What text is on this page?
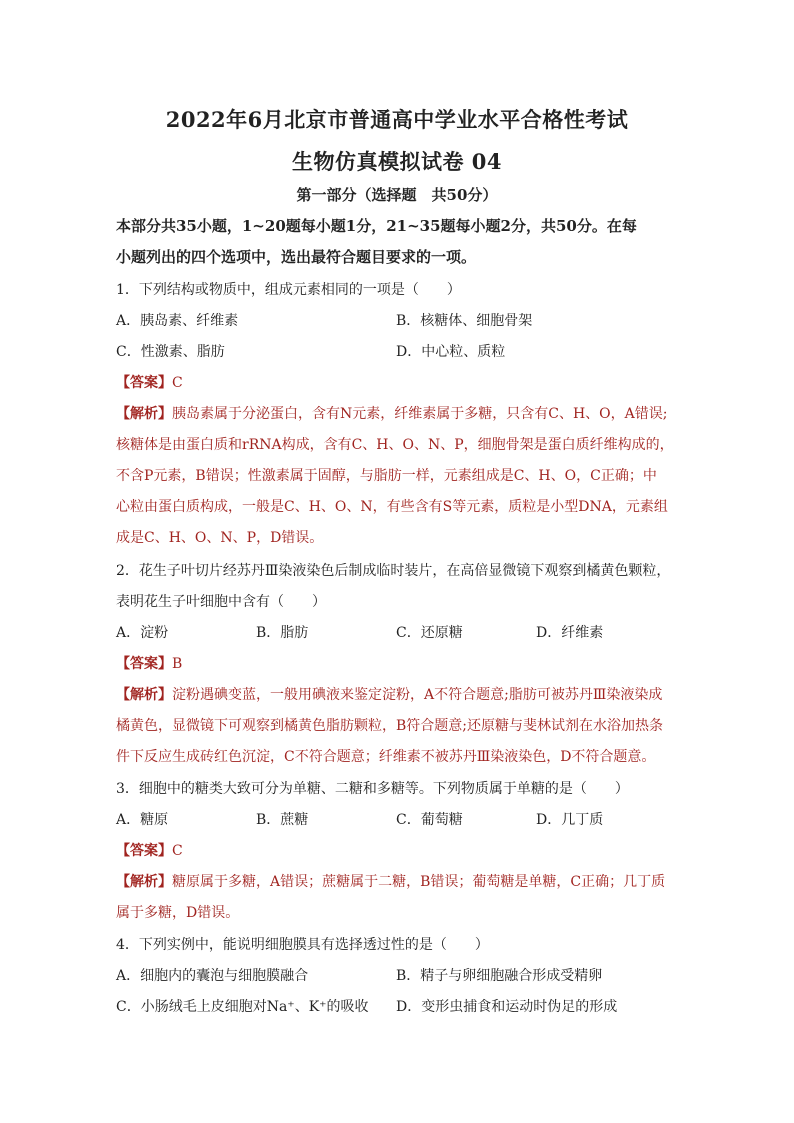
2022年6月北京市普通高中学业水平合格性考试
生物仿真模拟试卷 04
第一部分（选择题　共50分）
本部分共35小题，1~20题每小题1分，21~35题每小题2分，共50分。在每
小题列出的四个选项中，选出最符合题目要求的一项。
1．下列结构或物质中，组成元素相同的一项是（　　）
A．胰岛素、纤维素	B．核糖体、细胞骨架
C．性激素、脂肪	D．中心粒、质粒
【答案】C
【解析】胰岛素属于分泌蛋白，含有N元素，纤维素属于多糖，只含有C、H、O，A错误;
核糖体是由蛋白质和rRNA构成，含有C、H、O、N、P，细胞骨架是蛋白质纤维构成的，
不含P元素，B错误；性激素属于固醇，与脂肪一样，元素组成是C、H、O，C正确；中
心粒由蛋白质构成，一般是C、H、O、N，有些含有S等元素，质粒是小型DNA，元素组
成是C、H、O、N、P，D错误。
2．花生子叶切片经苏丹Ⅲ染液染色后制成临时装片，在高倍显微镜下观察到橘黄色颗粒，
表明花生子叶细胞中含有（　　）
A．淀粉	B．脂肪	C．还原糖	D．纤维素
【答案】B
【解析】淀粉遇碘变蓝，一般用碘液来鉴定淀粉，A不符合题意;脂肪可被苏丹Ⅲ染液染成
橘黄色，显微镜下可观察到橘黄色脂肪颗粒，B符合题意;还原糖与斐林试剂在水浴加热条
件下反应生成砖红色沉淀，C不符合题意；纤维素不被苏丹Ⅲ染液染色，D不符合题意。
3．细胞中的糖类大致可分为单糖、二糖和多糖等。下列物质属于单糖的是（　　）
A．糖原	B．蔗糖	C．葡萄糖	D．几丁质
【答案】C
【解析】糖原属于多糖，A错误；蔗糖属于二糖，B错误；葡萄糖是单糖，C正确；几丁质
属于多糖，D错误。
4．下列实例中，能说明细胞膜具有选择透过性的是（　　）
A．细胞内的囊泡与细胞膜融合	B．精子与卵细胞融合形成受精卵
C．小肠绒毛上皮细胞对Na⁺、K⁺的吸收 D．变形虫捕食和运动时伪足的形成
